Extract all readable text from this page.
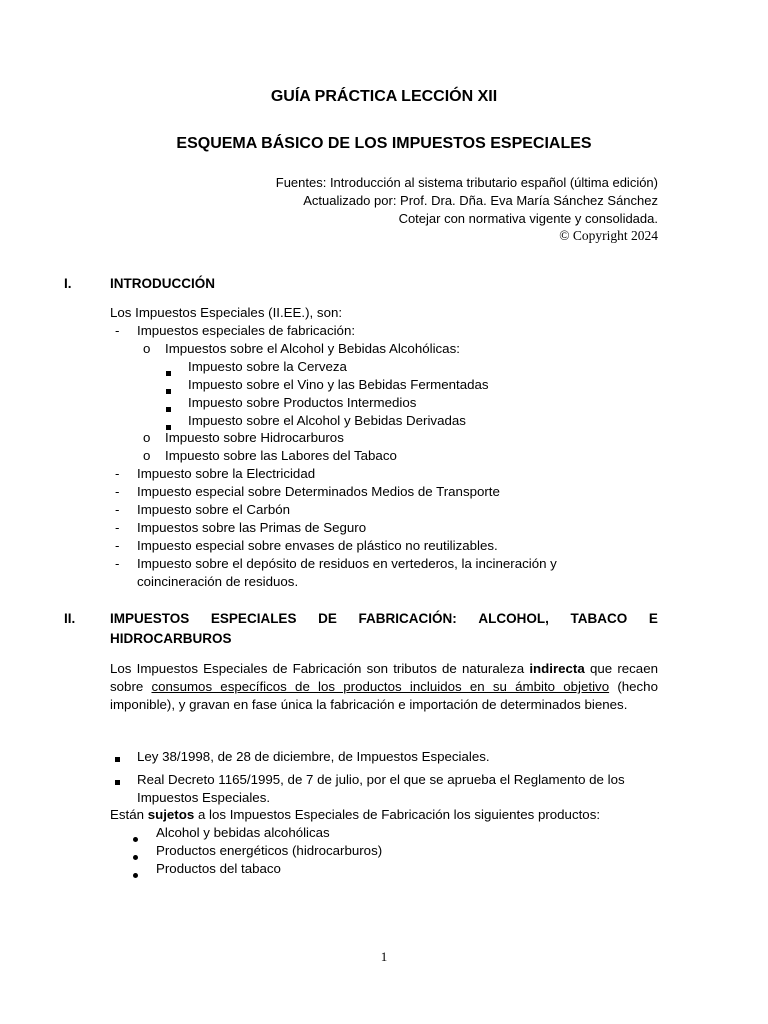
GUÍA PRÁCTICA LECCIÓN XII
ESQUEMA BÁSICO DE LOS IMPUESTOS ESPECIALES
Fuentes: Introducción al sistema tributario español (última edición)
Actualizado por: Prof. Dra. Dña. Eva María Sánchez Sánchez
Cotejar con normativa vigente y consolidada.
© Copyright 2024
I.	INTRODUCCIÓN
Los Impuestos Especiales (II.EE.), son:
- Impuestos especiales de fabricación:
o Impuestos sobre el Alcohol y Bebidas Alcohólicas:
Impuesto sobre la Cerveza
Impuesto sobre el Vino y las Bebidas Fermentadas
Impuesto sobre Productos Intermedios
Impuesto sobre el Alcohol y Bebidas Derivadas
o Impuesto sobre Hidrocarburos
o Impuesto sobre las Labores del Tabaco
- Impuesto sobre la Electricidad
- Impuesto especial sobre Determinados Medios de Transporte
- Impuesto sobre el Carbón
- Impuestos sobre las Primas de Seguro
- Impuesto especial sobre envases de plástico no reutilizables.
- Impuesto sobre el depósito de residuos en vertederos, la incineración y
coincineración de residuos.
II.	IMPUESTOS ESPECIALES DE FABRICACIÓN: ALCOHOL, TABACO E
HIDROCARBUROS
Los Impuestos Especiales de Fabricación son tributos de naturaleza indirecta que recaen sobre consumos específicos de los productos incluidos en su ámbito objetivo (hecho imponible), y gravan en fase única la fabricación e importación de determinados bienes.
Ley 38/1998, de 28 de diciembre, de Impuestos Especiales.
Real Decreto 1165/1995, de 7 de julio, por el que se aprueba el Reglamento de los
Impuestos Especiales.
Están sujetos a los Impuestos Especiales de Fabricación los siguientes productos:
Alcohol y bebidas alcohólicas
Productos energéticos (hidrocarburos)
Productos del tabaco
1
